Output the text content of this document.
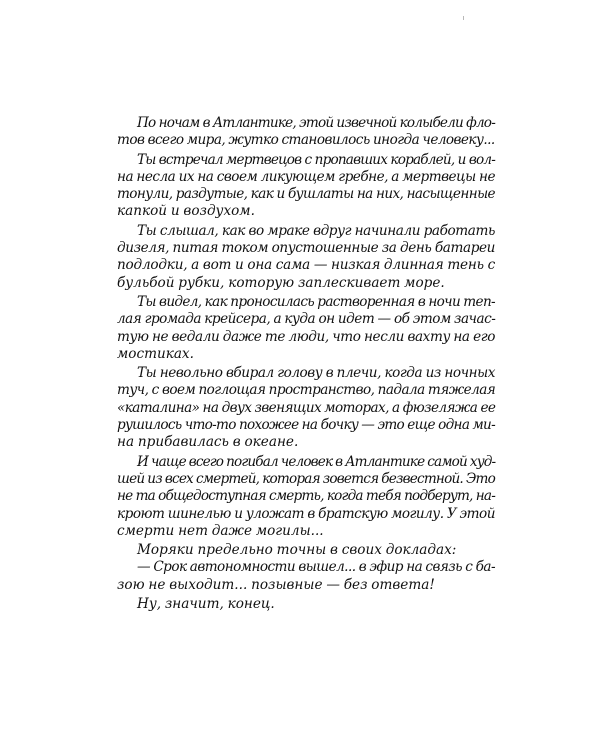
По ночам в Атлантике, этой извечной колыбели фло-
тов всего мира, жутко становилось иногда человеку...
Ты встречал мертвецов с пропавших кораблей, и вол-
на несла их на своем ликующем гребне, а мертвецы не
тонули, раздутые, как и бушлаты на них, насыщенные
капкой и воздухом.
Ты слышал, как во мраке вдруг начинали работать
дизеля, питая током опустошенные за день батареи
подлодки, а вот и она сама — низкая длинная тень с
бульбой рубки, которую заплескивает море.
Ты видел, как проносилась растворенная в ночи теп-
лая громада крейсера, а куда он идет — об этом зачас-
тую не ведали даже те люди, что несли вахту на его
мостиках.
Ты невольно вбирал голову в плечи, когда из ночных
туч, с воем поглощая пространство, падала тяжелая
«каталина» на двух звенящих моторах, а фюзеляжа ее
рушилось что-то похожее на бочку — это еще одна ми-
на прибавилась в океане.
И чаще всего погибал человек в Атлантике самой худ-
шей из всех смертей, которая зовется безвестной. Это
не та общедоступная смерть, когда тебя подберут, на-
кроют шинелью и уложат в братскую могилу. У этой
смерти нет даже могилы...
Моряки предельно точны в своих докладах:
— Срок автономности вышел... в эфир на связь с ба-
зою не выходит... позывные — без ответа!
Ну, значит, конец.
